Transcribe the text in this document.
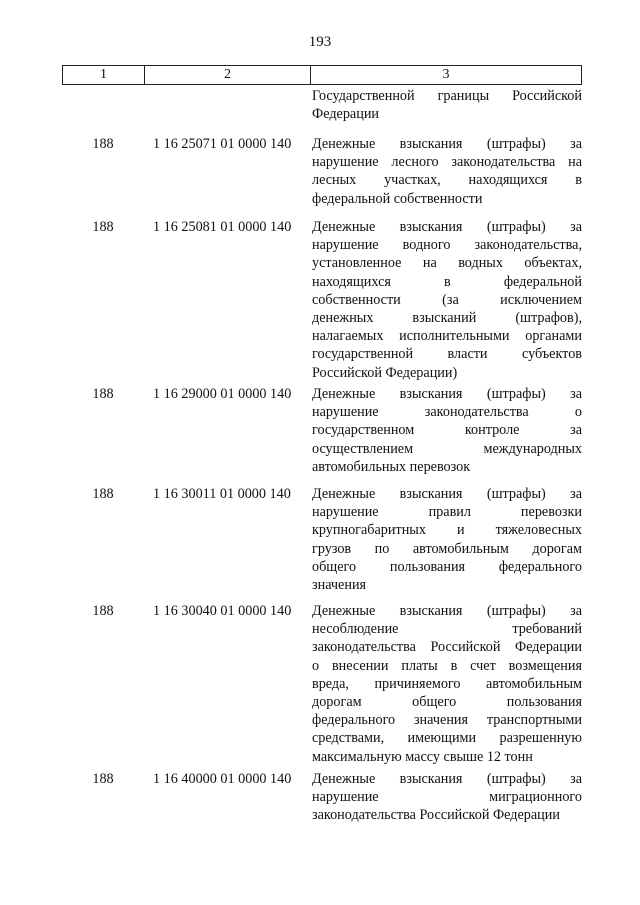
193
1	2	3
Государственной границы Российской
Федерации
188	1 16 25071 01 0000 140 Денежные взыскания (штрафы) за
нарушение лесного законодательства на
лесных участках, находящихся в
федеральной собственности
188	1 16 25081 01 0000 140 Денежные взыскания (штрафы) за
нарушение водного законодательства,
установленное на водных объектах,
находящихся в федеральной
собственности (за исключением
денежных взысканий (штрафов),
налагаемых исполнительными органами
государственной власти субъектов
Российской Федерации)
188	1 16 29000 01 0000 140 Денежные взыскания (штрафы) за
нарушение законодательства о
государственном контроле за
осуществлением международных
автомобильных перевозок
188	1 16 30011 01 0000 140 Денежные взыскания (штрафы) за
нарушение правил перевозки
крупногабаритных и тяжеловесных
грузов по автомобильным дорогам
общего пользования федерального
значения
188	1 16 30040 01 0000 140 Денежные взыскания (штрафы) за
несоблюдение требований
законодательства Российской Федерации
о внесении платы в счет возмещения
вреда, причиняемого автомобильным
дорогам общего пользования
федерального значения транспортными
средствами, имеющими разрешенную
максимальную массу свыше 12 тонн
188	1 16 40000 01 0000 140 Денежные взыскания (штрафы) за
нарушение миграционного
законодательства Российской Федерации
